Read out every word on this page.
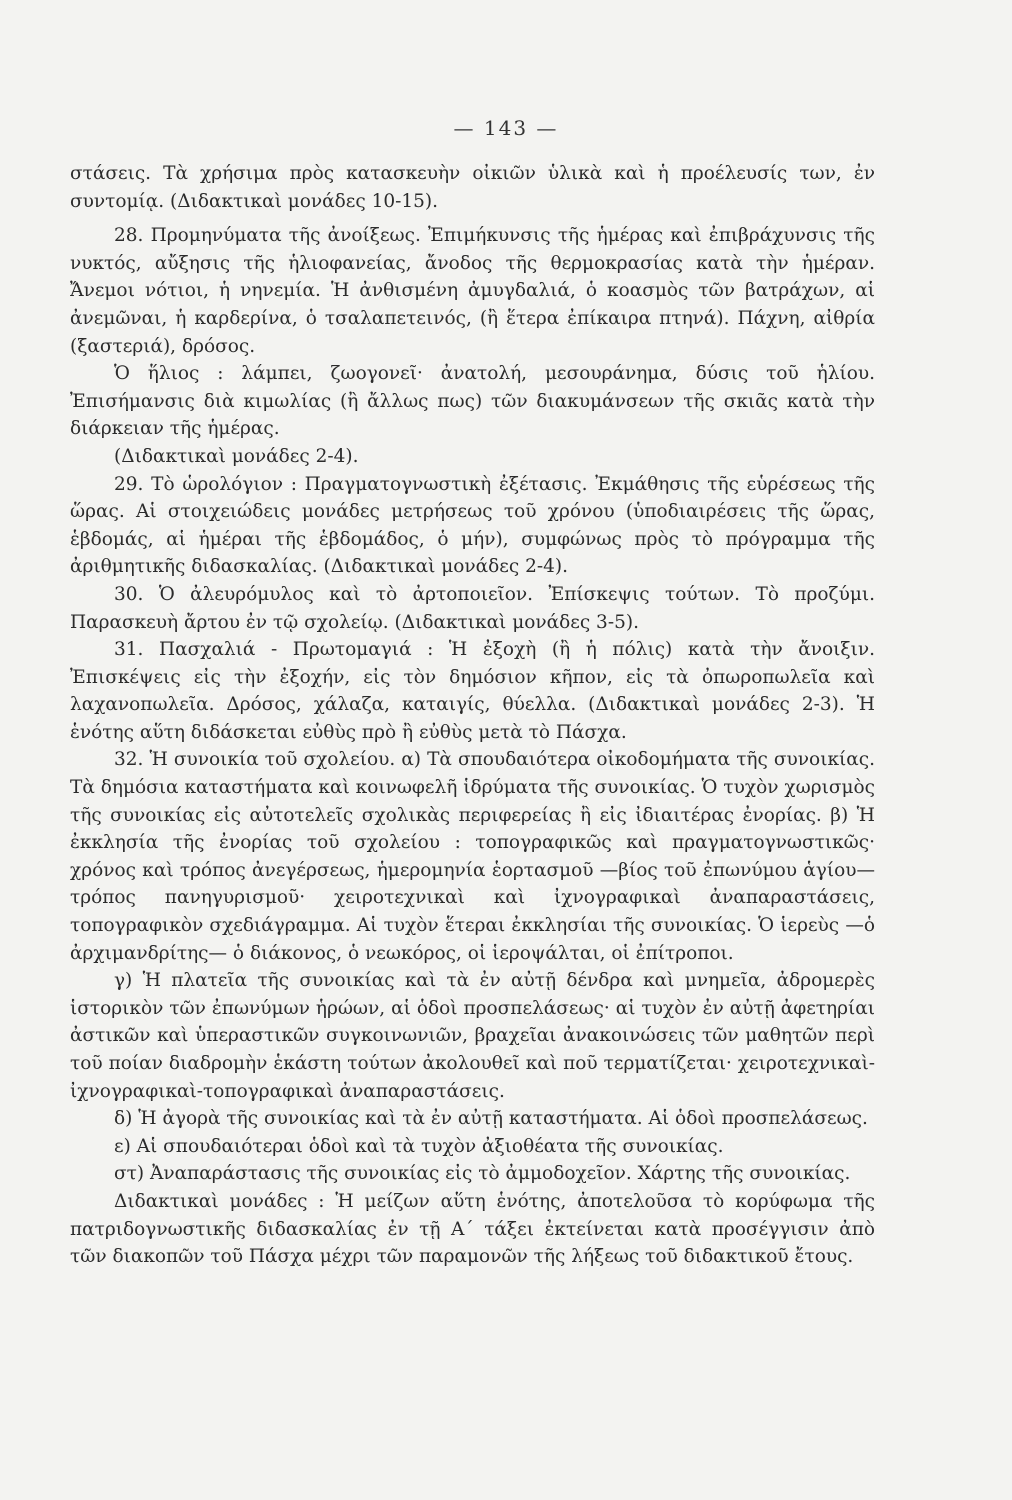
— 143 —

στάσεις. Τὰ χρήσιμα πρὸς κατασκευὴν οἰκιῶν ὑλικὰ καὶ ἡ προέλευσίς των, ἐν συντομίᾳ. (Διδακτικαὶ μονάδες 10-15).

28. Προμηνύματα τῆς ἀνοίξεως. Ἐπιμήκυνσις τῆς ἡμέρας καὶ ἐπιβράχυνσις τῆς νυκτός, αὔξησις τῆς ἡλιοφανείας, ἄνοδος τῆς θερμοκρασίας κατὰ τὴν ἡμέραν. Ἄνεμοι νότιοι, ἡ νηνεμία. Ἡ ἀνθισμένη ἀμυγδαλιά, ὁ κοασμὸς τῶν βατράχων, αἱ ἀνεμῶναι, ἡ καρδερίνα, ὁ τσαλαπετεινός, (ἢ ἕτερα ἐπίκαιρα πτηνά). Πάχνη, αἰθρία (ξαστεριά), δρόσος.

Ὁ ἥλιος : λάμπει, ζωογονεῖ· ἀνατολή, μεσουράνημα, δύσις τοῦ ἡλίου. Ἐπισήμανσις διὰ κιμωλίας (ἢ ἄλλως πως) τῶν διακυμάνσεων τῆς σκιᾶς κατὰ τὴν διάρκειαν τῆς ἡμέρας.

(Διδακτικαὶ μονάδες 2-4).

29. Τὸ ὡρολόγιον : Πραγματογνωστικὴ ἐξέτασις. Ἐκμάθησις τῆς εὑρέσεως τῆς ὥρας. Αἱ στοιχειώδεις μονάδες μετρήσεως τοῦ χρόνου (ὑποδιαιρέσεις τῆς ὥρας, ἑβδομάς, αἱ ἡμέραι τῆς ἑβδομάδος, ὁ μήν), συμφώνως πρὸς τὸ πρόγραμμα τῆς ἀριθμητικῆς διδασκαλίας. (Διδακτικαὶ μονάδες 2-4).

30. Ὁ ἀλευρόμυλος καὶ τὸ ἀρτοποιεῖον. Ἐπίσκεψις τούτων. Τὸ προζύμι. Παρασκευὴ ἄρτου ἐν τῷ σχολείῳ. (Διδακτικαὶ μονάδες 3-5).

31. Πασχαλιά - Πρωτομαγιά : Ἡ ἐξοχὴ (ἢ ἡ πόλις) κατὰ τὴν ἄνοιξιν. Ἐπισκέψεις εἰς τὴν ἐξοχήν, εἰς τὸν δημόσιον κῆπον, εἰς τὰ ὀπωροπωλεῖα καὶ λαχανοπωλεῖα. Δρόσος, χάλαζα, καταιγίς, θύελλα. (Διδακτικαὶ μονάδες 2-3). Ἡ ἑνότης αὕτη διδάσκεται εὐθὺς πρὸ ἢ εὐθὺς μετὰ τὸ Πάσχα.

32. Ἡ συνοικία τοῦ σχολείου. α) Τὰ σπουδαιότερα οἰκοδομήματα τῆς συνοικίας. Τὰ δημόσια καταστήματα καὶ κοινωφελῆ ἱδρύματα τῆς συνοικίας. Ὁ τυχὸν χωρισμὸς τῆς συνοικίας εἰς αὐτοτελεῖς σχολικὰς περιφερείας ἢ εἰς ἰδιαιτέρας ἐνορίας. β) Ἡ ἐκκλησία τῆς ἐνορίας τοῦ σχολείου : τοπογραφικῶς καὶ πραγματογνωστικῶς· χρόνος καὶ τρόπος ἀνεγέρσεως, ἡμερομηνία ἑορτασμοῦ —βίος τοῦ ἐπωνύμου ἁγίου— τρόπος πανηγυρισμοῦ· χειροτεχνικαὶ καὶ ἰχνογραφικαὶ ἀναπαραστάσεις, τοπογραφικὸν σχεδιάγραμμα. Αἱ τυχὸν ἕτεραι ἐκκλησίαι τῆς συνοικίας. Ὁ ἱερεὺς —ὁ ἀρχιμανδρίτης— ὁ διάκονος, ὁ νεωκόρος, οἱ ἱεροψάλται, οἱ ἐπίτροποι.

γ) Ἡ πλατεῖα τῆς συνοικίας καὶ τὰ ἐν αὐτῇ δένδρα καὶ μνημεῖα, ἀδρομερὲς ἱστορικὸν τῶν ἐπωνύμων ἡρώων, αἱ ὁδοὶ προσπελάσεως· αἱ τυχὸν ἐν αὐτῇ ἀφετηρίαι ἀστικῶν καὶ ὑπεραστικῶν συγκοινωνιῶν, βραχεῖαι ἀνακοινώσεις τῶν μαθητῶν περὶ τοῦ ποίαν διαδρομὴν ἑκάστη τούτων ἀκολουθεῖ καὶ ποῦ τερματίζεται· χειροτεχνικαὶ-ἰχνογραφικαὶ-τοπογραφικαὶ ἀναπαραστάσεις.

δ) Ἡ ἀγορὰ τῆς συνοικίας καὶ τὰ ἐν αὐτῇ καταστήματα. Αἱ ὁδοὶ προσπελάσεως.

ε) Αἱ σπουδαιότεραι ὁδοὶ καὶ τὰ τυχὸν ἀξιοθέατα τῆς συνοικίας.

στ) Ἀναπαράστασις τῆς συνοικίας εἰς τὸ ἀμμοδοχεῖον. Χάρτης τῆς συνοικίας.

Διδακτικαὶ μονάδες : Ἡ μείζων αὕτη ἑνότης, ἀποτελοῦσα τὸ κορύφωμα τῆς πατριδογνωστικῆς διδασκαλίας ἐν τῇ Α΄ τάξει ἐκτείνεται κατὰ προσέγγισιν ἀπὸ τῶν διακοπῶν τοῦ Πάσχα μέχρι τῶν παραμονῶν τῆς λήξεως τοῦ διδακτικοῦ ἔτους.
